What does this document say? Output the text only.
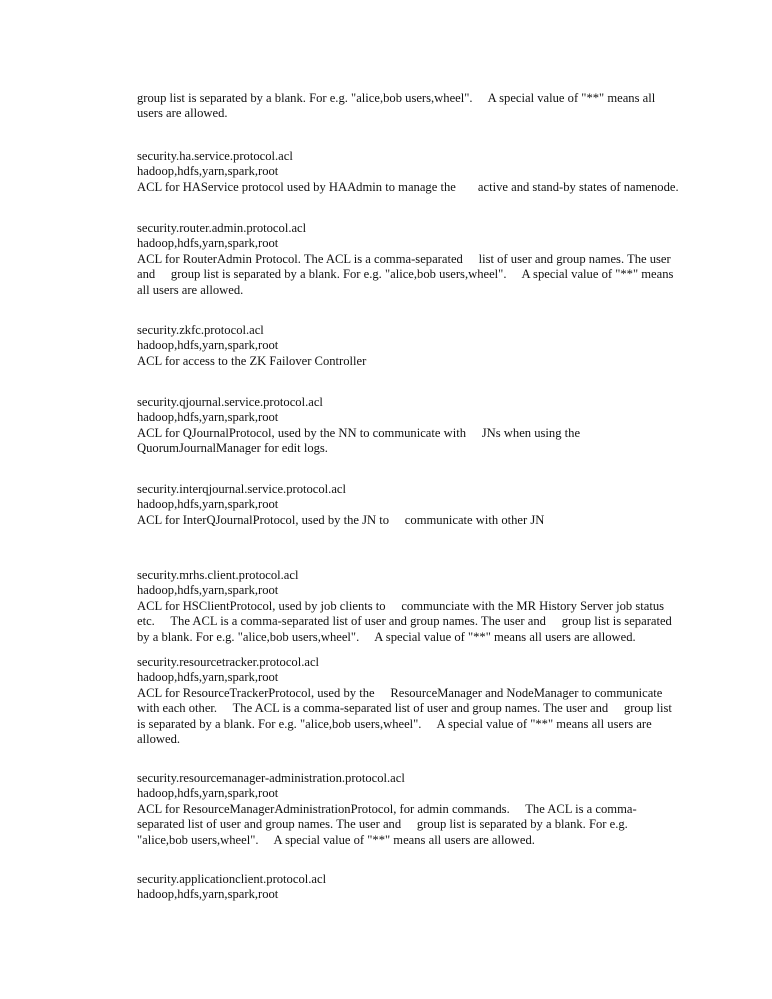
group list is separated by a blank. For e.g. "alice,bob users,wheel".     A special value of "**" means all
users are allowed.
security.ha.service.protocol.acl
hadoop,hdfs,yarn,spark,root
ACL for HAService protocol used by HAAdmin to manage the       active and stand-by states of namenode.
security.router.admin.protocol.acl
hadoop,hdfs,yarn,spark,root
ACL for RouterAdmin Protocol. The ACL is a comma-separated     list of user and group names. The user
and     group list is separated by a blank. For e.g. "alice,bob users,wheel".     A special value of "**" means
all users are allowed.
security.zkfc.protocol.acl
hadoop,hdfs,yarn,spark,root
ACL for access to the ZK Failover Controller
security.qjournal.service.protocol.acl
hadoop,hdfs,yarn,spark,root
ACL for QJournalProtocol, used by the NN to communicate with     JNs when using the
QuorumJournalManager for edit logs.
security.interqjournal.service.protocol.acl
hadoop,hdfs,yarn,spark,root
ACL for InterQJournalProtocol, used by the JN to     communicate with other JN
security.mrhs.client.protocol.acl
hadoop,hdfs,yarn,spark,root
ACL for HSClientProtocol, used by job clients to     communciate with the MR History Server job status
etc.     The ACL is a comma-separated list of user and group names. The user and     group list is separated
by a blank. For e.g. "alice,bob users,wheel".     A special value of "**" means all users are allowed.
security.resourcetracker.protocol.acl
hadoop,hdfs,yarn,spark,root
ACL for ResourceTrackerProtocol, used by the     ResourceManager and NodeManager to communicate
with each other.     The ACL is a comma-separated list of user and group names. The user and     group list
is separated by a blank. For e.g. "alice,bob users,wheel".     A special value of "**" means all users are
allowed.
security.resourcemanager-administration.protocol.acl
hadoop,hdfs,yarn,spark,root
ACL for ResourceManagerAdministrationProtocol, for admin commands.     The ACL is a comma-
separated list of user and group names. The user and     group list is separated by a blank. For e.g.
"alice,bob users,wheel".     A special value of "**" means all users are allowed.
security.applicationclient.protocol.acl
hadoop,hdfs,yarn,spark,root
